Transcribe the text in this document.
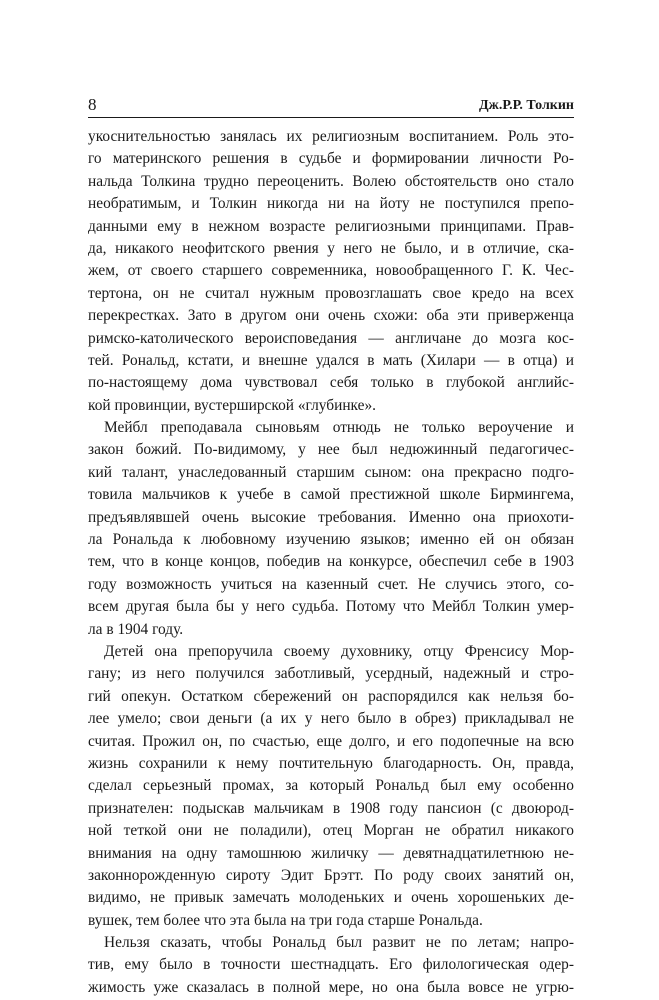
8	Дж.Р.Р. Толкин
укоснительностью занялась их религиозным воспитанием. Роль это-
го материнского решения в судьбе и формировании личности Ро-
нальда Толкина трудно переоценить. Волею обстоятельств оно стало
необратимым, и Толкин никогда ни на йоту не поступился препо-
данными ему в нежном возрасте религиозными принципами. Прав-
да, никакого неофитского рвения у него не было, и в отличие, ска-
жем, от своего старшего современника, новообращенного Г. К. Чес-
тертона, он не считал нужным провозглашать свое кредо на всех
перекрестках. Зато в другом они очень схожи: оба эти приверженца
римско-католического вероисповедания — англичане до мозга кос-
тей. Рональд, кстати, и внешне удался в мать (Хилари — в отца) и
по-настоящему дома чувствовал себя только в глубокой английс-
кой провинции, вустерширской «глубинке».
Мейбл преподавала сыновьям отнюдь не только вероучение и
закон божий. По-видимому, у нее был недюжинный педагогичес-
кий талант, унаследованный старшим сыном: она прекрасно подго-
товила мальчиков к учебе в самой престижной школе Бирмингема,
предъявлявшей очень высокие требования. Именно она приохоти-
ла Рональда к любовному изучению языков; именно ей он обязан
тем, что в конце концов, победив на конкурсе, обеспечил себе в 1903
году возможность учиться на казенный счет. Не случись этого, со-
всем другая была бы у него судьба. Потому что Мейбл Толкин умер-
ла в 1904 году.
Детей она препоручила своему духовнику, отцу Френсису Мор-
гану; из него получился заботливый, усердный, надежный и стро-
гий опекун. Остатком сбережений он распорядился как нельзя бо-
лее умело; свои деньги (а их у него было в обрез) прикладывал не
считая. Прожил он, по счастью, еще долго, и его подопечные на всю
жизнь сохранили к нему почтительную благодарность. Он, правда,
сделал серьезный промах, за который Рональд был ему особенно
признателен: подыскав мальчикам в 1908 году пансион (с двоюрод-
ной теткой они не поладили), отец Морган не обратил никакого
внимания на одну тамошнюю жиличку — девятнадцатилетнюю не-
законнорожденную сироту Эдит Брэтт. По роду своих занятий он,
видимо, не привык замечать молоденьких и очень хорошеньких де-
вушек, тем более что эта была на три года старше Рональда.
Нельзя сказать, чтобы Рональд был развит не по летам; напро-
тив, ему было в точности шестнадцать. Его филологическая одер-
жимость уже сказалась в полной мере, но она была вовсе не угрю-
